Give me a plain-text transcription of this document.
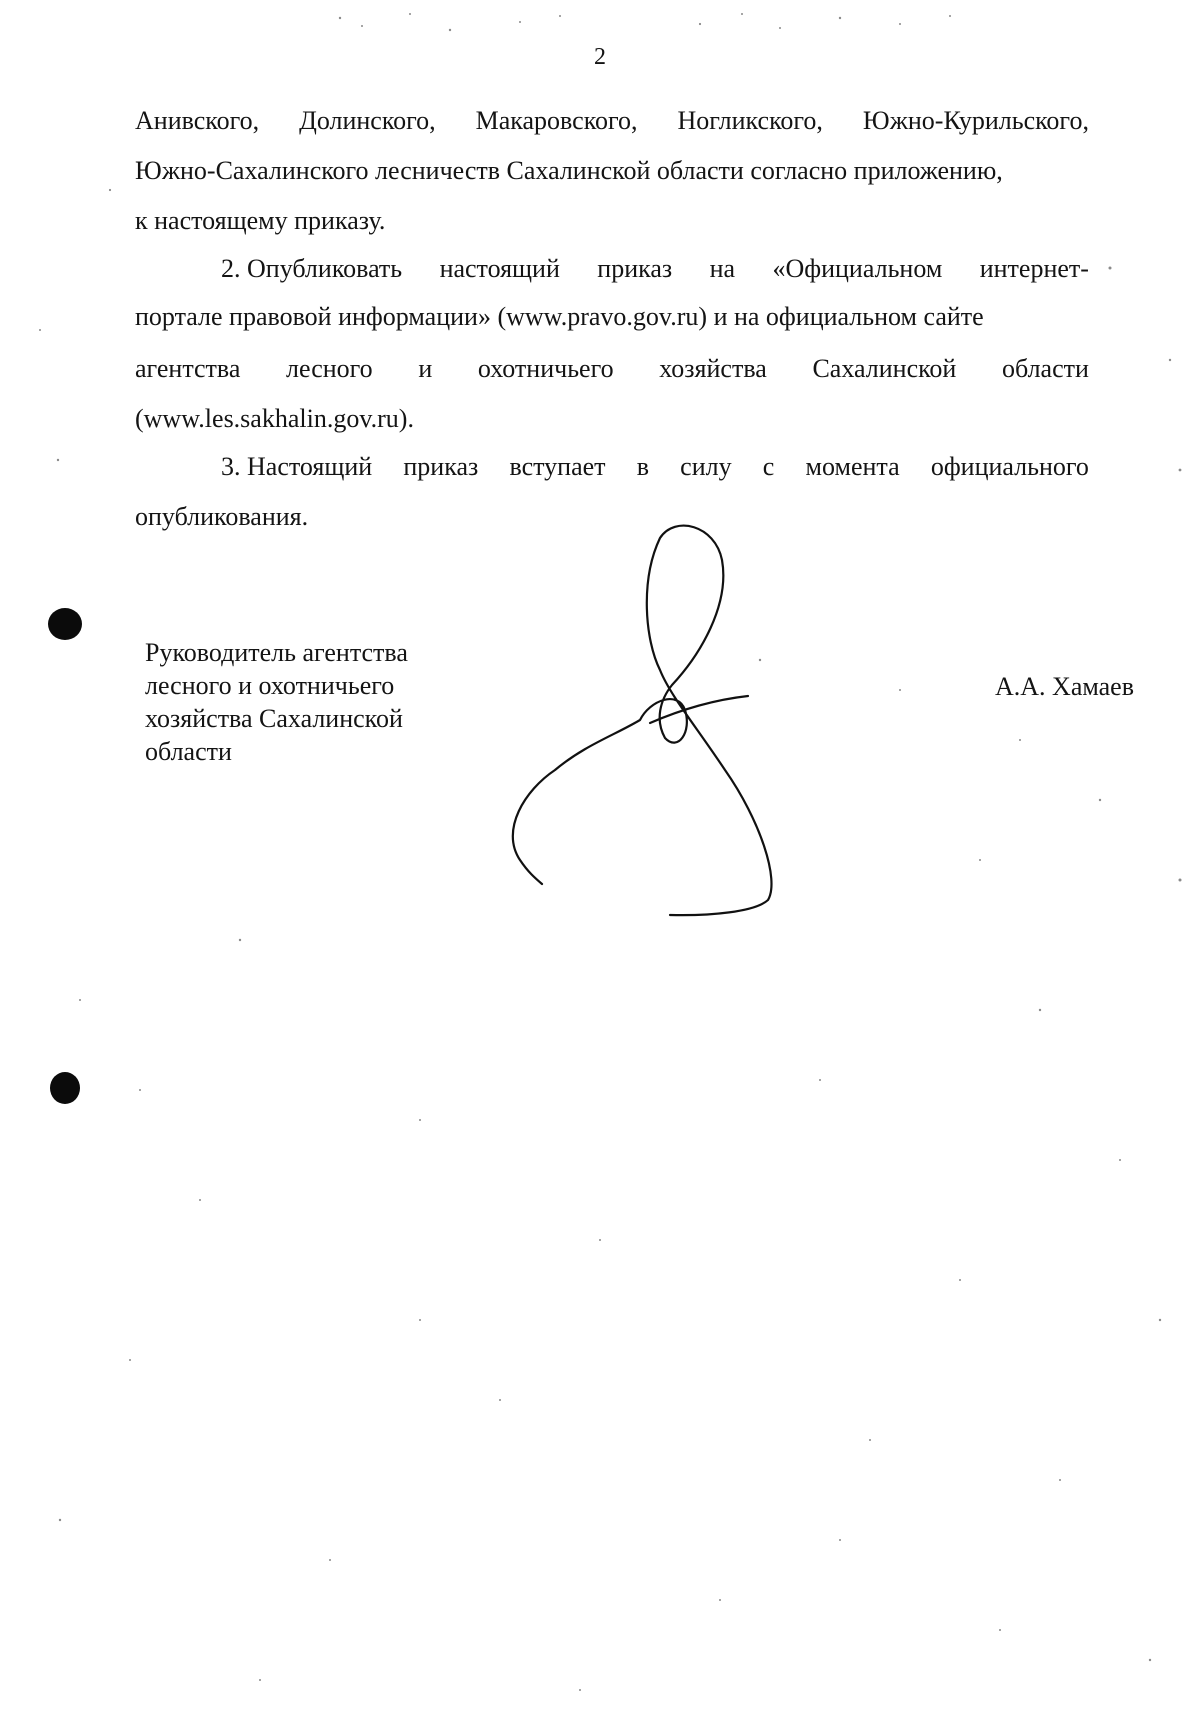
2
Анивского, Долинского, Макаровского, Ногликского, Южно-Курильского,
Южно-Сахалинского лесничеств Сахалинской области согласно приложению,
к настоящему приказу.
2. Опубликовать настоящий приказ на «Официальном интернет-
портале правовой информации» (www.pravo.gov.ru) и на официальном сайте
агентства лесного и охотничьего хозяйства Сахалинской области
(www.les.sakhalin.gov.ru).
3. Настоящий приказ вступает в силу с момента официального
опубликования.
Руководитель агентства
лесного и охотничьего
хозяйства Сахалинской
области
А.А. Хамаев
